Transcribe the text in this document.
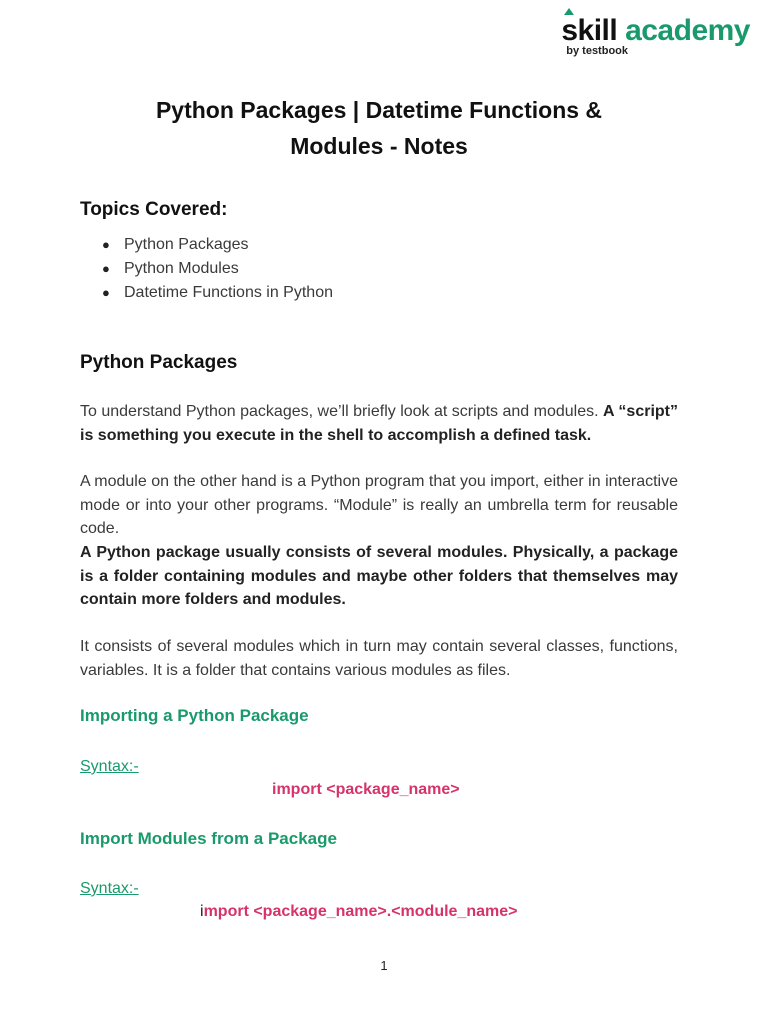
skill academy
by testbook
Python Packages | Datetime Functions &
Modules - Notes
Topics Covered:
● Python Packages
● Python Modules
● Datetime Functions in Python
Python Packages

To understand Python packages, we’ll briefly look at scripts and modules. A “script” is something you execute in the shell to accomplish a defined task.

A module on the other hand is a Python program that you import, either in interactive mode or into your other programs. “Module” is really an umbrella term for reusable code.

A Python package usually consists of several modules. Physically, a package is a folder containing modules and maybe other folders that themselves may contain more folders and modules.

It consists of several modules which in turn may contain several classes, functions, variables. It is a folder that contains various modules as files.

Importing a Python Package
Syntax:-
import <package_name>
Import Modules from a Package
Syntax:-
import <package_name>.<module_name>
1
